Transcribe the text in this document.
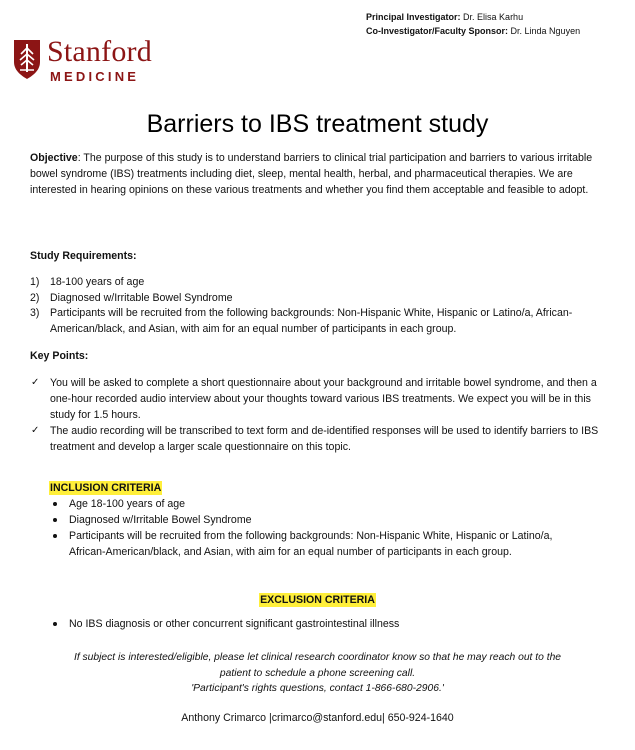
Principal Investigator: Dr. Elisa Karhu
Co-Investigator/Faculty Sponsor: Dr. Linda Nguyen
Stanford
MEDICINE
Barriers to IBS treatment study
Objective: The purpose of this study is to understand barriers to clinical trial participation and barriers to various irritable bowel syndrome (IBS) treatments including diet, sleep, mental health, herbal, and pharmaceutical therapies. We are interested in hearing opinions on these various treatments and whether you find them acceptable and feasible to adopt.
Study Requirements:
1) 18-100 years of age
2) Diagnosed w/Irritable Bowel Syndrome
3) Participants will be recruited from the following backgrounds: Non-Hispanic White, Hispanic or Latino/a, African-American/black, and Asian, with aim for an equal number of participants in each group.
Key Points:
✓ You will be asked to complete a short questionnaire about your background and irritable bowel syndrome, and then a one-hour recorded audio interview about your thoughts toward various IBS treatments. We expect you will be in this study for 1.5 hours.
✓ The audio recording will be transcribed to text form and de-identified responses will be used to identify barriers to IBS treatment and develop a larger scale questionnaire on this topic.
INCLUSION CRITERIA
Age 18-100 years of age
Diagnosed w/Irritable Bowel Syndrome
Participants will be recruited from the following backgrounds: Non-Hispanic White, Hispanic or Latino/a, African-American/black, and Asian, with aim for an equal number of participants in each group.
EXCLUSION CRITERIA
No IBS diagnosis or other concurrent significant gastrointestinal illness
If subject is interested/eligible, please let clinical research coordinator know so that he may reach out to the
patient to schedule a phone screening call.
'Participant's rights questions, contact 1-866-680-2906.'
Anthony Crimarco |crimarco@stanford.edu| 650-924-1640
